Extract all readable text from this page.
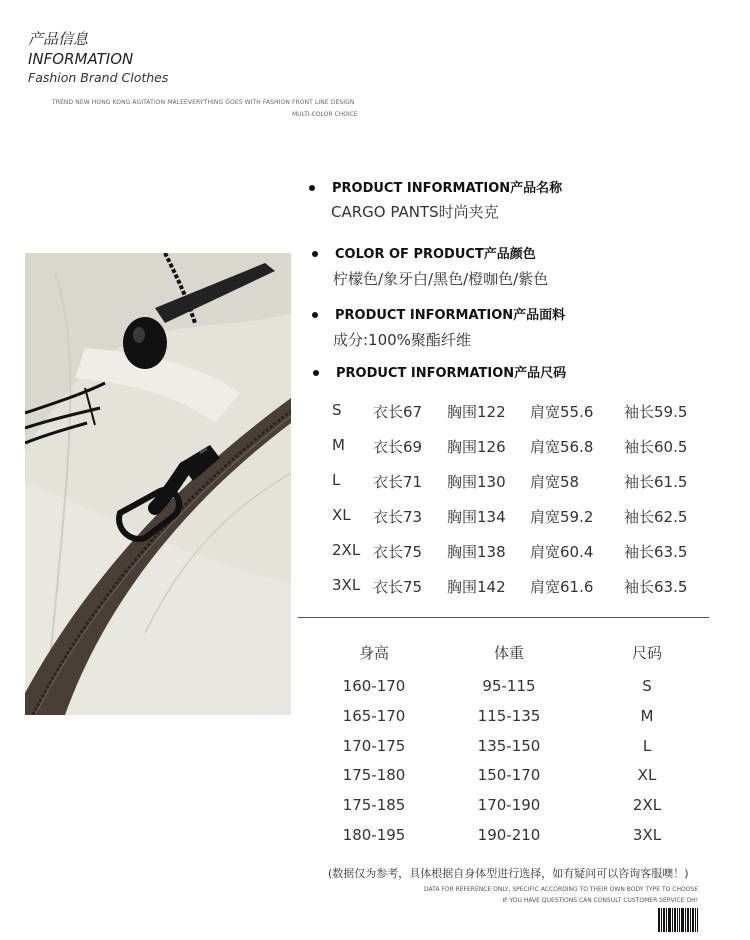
产品信息
INFORMATION
Fashion Brand Clothes
TREND NEW HONG KONG AGITATION MALEEVERYTHING GOES WITH FASHION FRONT LINE DESIGN
MULTI-COLOR CHOICE
PRODUCT INFORMATION产品名称
CARGO PANTS时尚夹克
COLOR OF PRODUCT产品颜色
柠檬色/象牙白/黑色/橙咖色/紫色
PRODUCT INFORMATION产品面料
成分:100%聚酯纤维
PRODUCT INFORMATION产品尺码
S 衣长67 胸围122 肩宽55.6 袖长59.5
M 衣长69 胸围126 肩宽56.8 袖长60.5
L 衣长71 胸围130 肩宽58	袖长61.5
XL 衣长73 胸围134 肩宽59.2 袖长62.5
2XL 衣长75 胸围138 肩宽60.4 袖长63.5
3XL 衣长75 胸围142 肩宽61.6 袖长63.5
身高	体重	尺码
160-170	95-115	S
165-170	115-135	M
170-175	135-150	L
175-180	150-170	XL
175-185	170-190	2XL
180-195	190-210	3XL
(数据仅为参考，具体根据自身体型进行选择，如有疑问可以咨询客服噢！)
DATA FOR REFERENCE ONLY, SPECIFIC ACCORDING TO THEIR OWN BODY TYPE TO CHOOSE
IF YOU HAVE QUESTIONS CAN CONSULT CUSTOMER SERVICE OH!
